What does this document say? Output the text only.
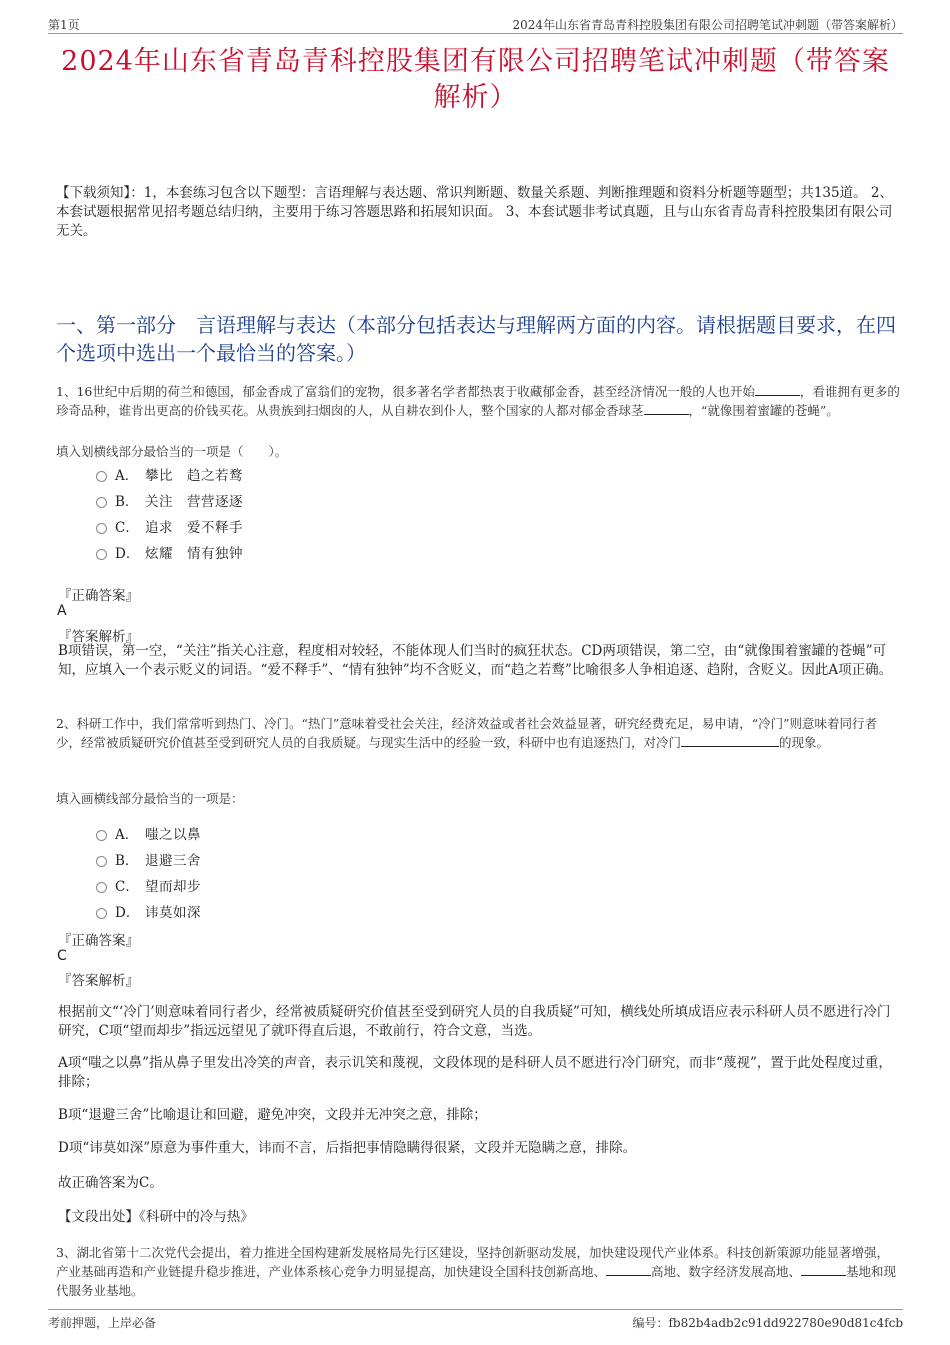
第1页	2024年山东省青岛青科控股集团有限公司招聘笔试冲刺题（带答案解析）
2024年山东省青岛青科控股集团有限公司招聘笔试冲刺题（带答案解析）
【下载须知】：1，本套练习包含以下题型：言语理解与表达题、常识判断题、数量关系题、判断推理题和资料分析题等题型；共135道。 2、本套试题根据常见招考题总结归纳，主要用于练习答题思路和拓展知识面。 3、本套试题非考试真题，且与山东省青岛青科控股集团有限公司无关。
一、第一部分　言语理解与表达（本部分包括表达与理解两方面的内容。请根据题目要求，在四个选项中选出一个最恰当的答案。）
1、16世纪中后期的荷兰和德国，郁金香成了富翁们的宠物，很多著名学者都热衷于收藏郁金香，甚至经济情况一般的人也开始	，看谁拥有更多的珍奇品种，谁肯出更高的价钱买花。从贵族到扫烟囱的人，从自耕农到仆人，整个国家的人都对郁金香球茎	，“就像围着蜜罐的苍蝇”。
填入划横线部分最恰当的一项是（　　）。
A． 攀比　趋之若鹜
B． 关注　营营逐逐
C． 追求　爱不释手
D． 炫耀　情有独钟
『正确答案』
A
『答案解析』
B项错误，第一空，“关注”指关心注意，程度相对较轻，不能体现人们当时的疯狂状态。CD两项错误，第二空，由“就像围着蜜罐的苍蝇”可知，应填入一个表示贬义的词语。“爱不释手”、“情有独钟”均不含贬义，而“趋之若鹜”比喻很多人争相追逐、趋附，含贬义。因此A项正确。
2、科研工作中，我们常常听到热门、冷门。“热门”意味着受社会关注，经济效益或者社会效益显著，研究经费充足，易申请，“冷门”则意味着同行者少，经常被质疑研究价值甚至受到研究人员的自我质疑。与现实生活中的经验一致，科研中也有追逐热门，对冷门	的现象。
填入画横线部分最恰当的一项是：
A． 嗤之以鼻
B． 退避三舍
C． 望而却步
D． 讳莫如深
『正确答案』
C
『答案解析』
根据前文“‘冷门’则意味着同行者少，经常被质疑研究价值甚至受到研究人员的自我质疑”可知，横线处所填成语应表示科研人员不愿进行冷门研究，C项“望而却步”指远远望见了就吓得直后退，不敢前行，符合文意，当选。
A项“嗤之以鼻”指从鼻子里发出冷笑的声音，表示讥笑和蔑视，文段体现的是科研人员不愿进行冷门研究，而非“蔑视”，置于此处程度过重，排除；
B项“退避三舍”比喻退让和回避，避免冲突，文段并无冲突之意，排除；
D项“讳莫如深”原意为事件重大，讳而不言，后指把事情隐瞒得很紧，文段并无隐瞒之意，排除。
故正确答案为C。
【文段出处】《科研中的冷与热》
3、湖北省第十二次党代会提出，着力推进全国构建新发展格局先行区建设，坚持创新驱动发展，加快建设现代产业体系。科技创新策源功能显著增强，产业基础再造和产业链提升稳步推进，产业体系核心竞争力明显提高，加快建设全国科技创新高地、	高地、数字经济发展高地、	基地和现代服务业基地。
考前押题，上岸必备	编号：fb82b4adb2c91dd922780e90d81c4fcb
